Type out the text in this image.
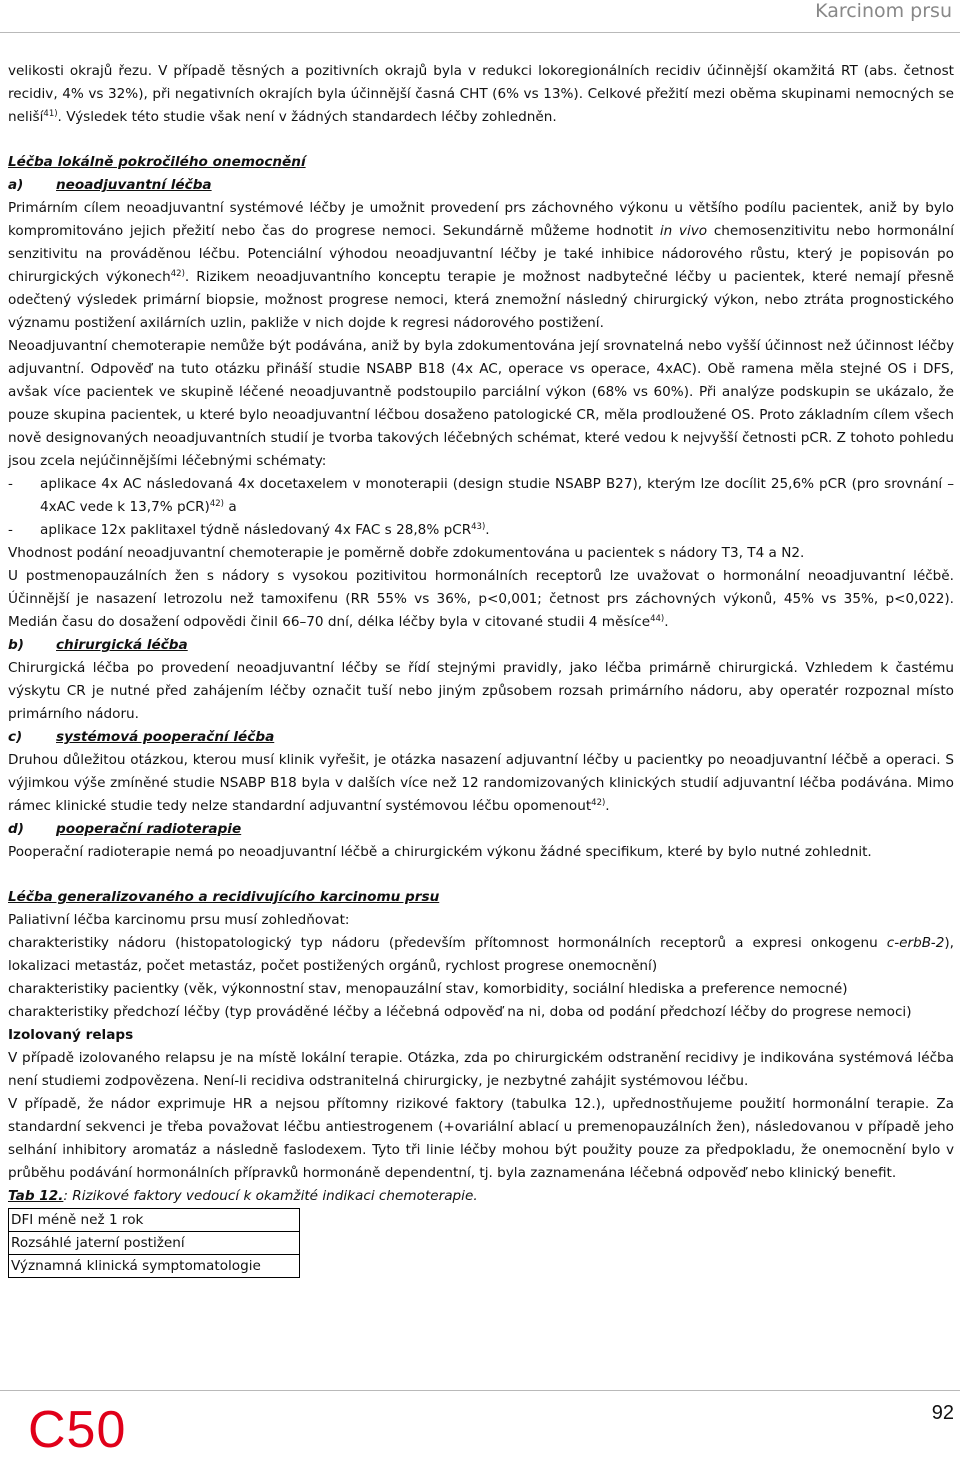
Karcinom prsu

velikosti okrajů řezu. V případě těsných a pozitivních okrajů byla v redukci lokoregionálních recidiv účinnější okamžitá RT (abs. četnost recidiv, 4% vs 32%), při negativních okrajích byla účinnější časná CHT (6% vs 13%). Celkové přežití mezi oběma skupinami nemocných se neliší$^{41)}$. Výsledek této studie však není v žádných standardech léčby zohledněn.

Léčba lokálně pokročilého onemocnění

a) neoadjuvantní léčba

Primárním cílem neoadjuvantní systémové léčby je umožnit provedení prs záchovného výkonu u většího podílu pacientek, aniž by bylo kompromitováno jejich přežití nebo čas do progrese nemoci. Sekundárně můžeme hodnotit in vivo chemosenzitivitu nebo hormonální senzitivitu na prováděnou léčbu. Potenciální výhodou neoadjuvantní léčby je také inhibice nádorového růstu, který je popisován po chirurgických výkonech$^{42)}$. Rizikem neoadjuvantního konceptu terapie je možnost nadbytečné léčby u pacientek, které nemají přesně odečtený výsledek primární biopsie, možnost progrese nemoci, která znemožní následný chirurgický výkon, nebo ztráta prognostického významu postižení axilárních uzlin, pakliže v nich dojde k regresi nádorového postižení.

Neoadjuvantní chemoterapie nemůže být podávána, aniž by byla zdokumentována její srovnatelná nebo vyšší účinnost než účinnost léčby adjuvantní. Odpověď na tuto otázku přináší studie NSABP B18 (4x AC, operace vs operace, 4xAC). Obě ramena měla stejné OS i DFS, avšak více pacientek ve skupině léčené neoadjuvantně podstoupilo parciální výkon (68% vs 60%). Při analýze podskupin se ukázalo, že pouze skupina pacientek, u které bylo neoadjuvantní léčbou dosaženo patologické CR, měla prodloužené OS. Proto základním cílem všech nově designovaných neoadjuvantních studií je tvorba takových léčebných schémat, které vedou k nejvyšší četnosti pCR. Z tohoto pohledu jsou zcela nejúčinnějšími léčebnými schématy:

-	aplikace 4x AC následovaná 4x docetaxelem v monoterapii (design studie NSABP B27), kterým lze docílit 25,6% pCR (pro srovnání – 4xAC vede k 13,7% pCR)$^{42)}$ a
-	aplikace 12x paklitaxel týdně následovaný 4x FAC s 28,8% pCR$^{43)}$.

Vhodnost podání neoadjuvantní chemoterapie je poměrně dobře zdokumentována u pacientek s nádory T3, T4 a N2.

U postmenopauzálních žen s nádory s vysokou pozitivitou hormonálních receptorů lze uvažovat o hormonální neoadjuvantní léčbě. Účinnější je nasazení letrozolu než tamoxifenu (RR 55% vs 36%, p<0,001; četnost prs záchovných výkonů, 45% vs 35%, p<0,022). Medián času do dosažení odpovědi činil 66–70 dní, délka léčby byla v citované studii 4 měsíce$^{44)}$.

b) chirurgická léčba

Chirurgická léčba po provedení neoadjuvantní léčby se řídí stejnými pravidly, jako léčba primárně chirurgická. Vzhledem k častému výskytu CR je nutné před zahájením léčby označit tuší nebo jiným způsobem rozsah primárního nádoru, aby operatér rozpoznal místo primárního nádoru.

c) systémová pooperační léčba

Druhou důležitou otázkou, kterou musí klinik vyřešit, je otázka nasazení adjuvantní léčby u pacientky po neoadjuvantní léčbě a operaci. S výjimkou výše zmíněné studie NSABP B18 byla v dalších více než 12 randomizovaných klinických studií adjuvantní léčba podávána. Mimo rámec klinické studie tedy nelze standardní adjuvantní systémovou léčbu opomenout$^{42)}$.

d) pooperační radioterapie

Pooperační radioterapie nemá po neoadjuvantní léčbě a chirurgickém výkonu žádné specifikum, které by bylo nutné zohlednit.

Léčba generalizovaného a recidivujícího karcinomu prsu

Paliativní léčba karcinomu prsu musí zohledňovat:

charakteristiky nádoru (histopatologický typ nádoru (především přítomnost hormonálních receptorů a expresi onkogenu c-erbB-2), lokalizaci metastáz, počet metastáz, počet postižených orgánů, rychlost progrese onemocnění)

charakteristiky pacientky (věk, výkonnostní stav, menopauzální stav, komorbidity, sociální hlediska a preference nemocné)

charakteristiky předchozí léčby (typ prováděné léčby a léčebná odpověď na ni, doba od podání předchozí léčby do progrese nemoci)

Izolovaný relaps

V případě izolovaného relapsu je na místě lokální terapie. Otázka, zda po chirurgickém odstranění recidivy je indikována systémová léčba není studiemi zodpovězena. Není-li recidiva odstranitelná chirurgicky, je nezbytné zahájit systémovou léčbu.

V případě, že nádor exprimuje HR a nejsou přítomny rizikové faktory (tabulka 12.), upřednostňujeme použití hormonální terapie. Za standardní sekvenci je třeba považovat léčbu antiestrogenem (+ovariální ablací u premenopauzálních žen), následovanou v případě jeho selhání inhibitory aromatáz a následně faslodexem. Tyto tři linie léčby mohou být použity pouze za předpokladu, že onemocnění bylo v průběhu podávání hormonálních přípravků hormonáně dependentní, tj. byla zaznamenána léčebná odpověď nebo klinický benefit.

Tab 12.: Rizikové faktory vedoucí k okamžité indikaci chemoterapie.

DFI méně než 1 rok
Rozsáhlé jaterní postižení
Významná klinická symptomatologie
C50	92
